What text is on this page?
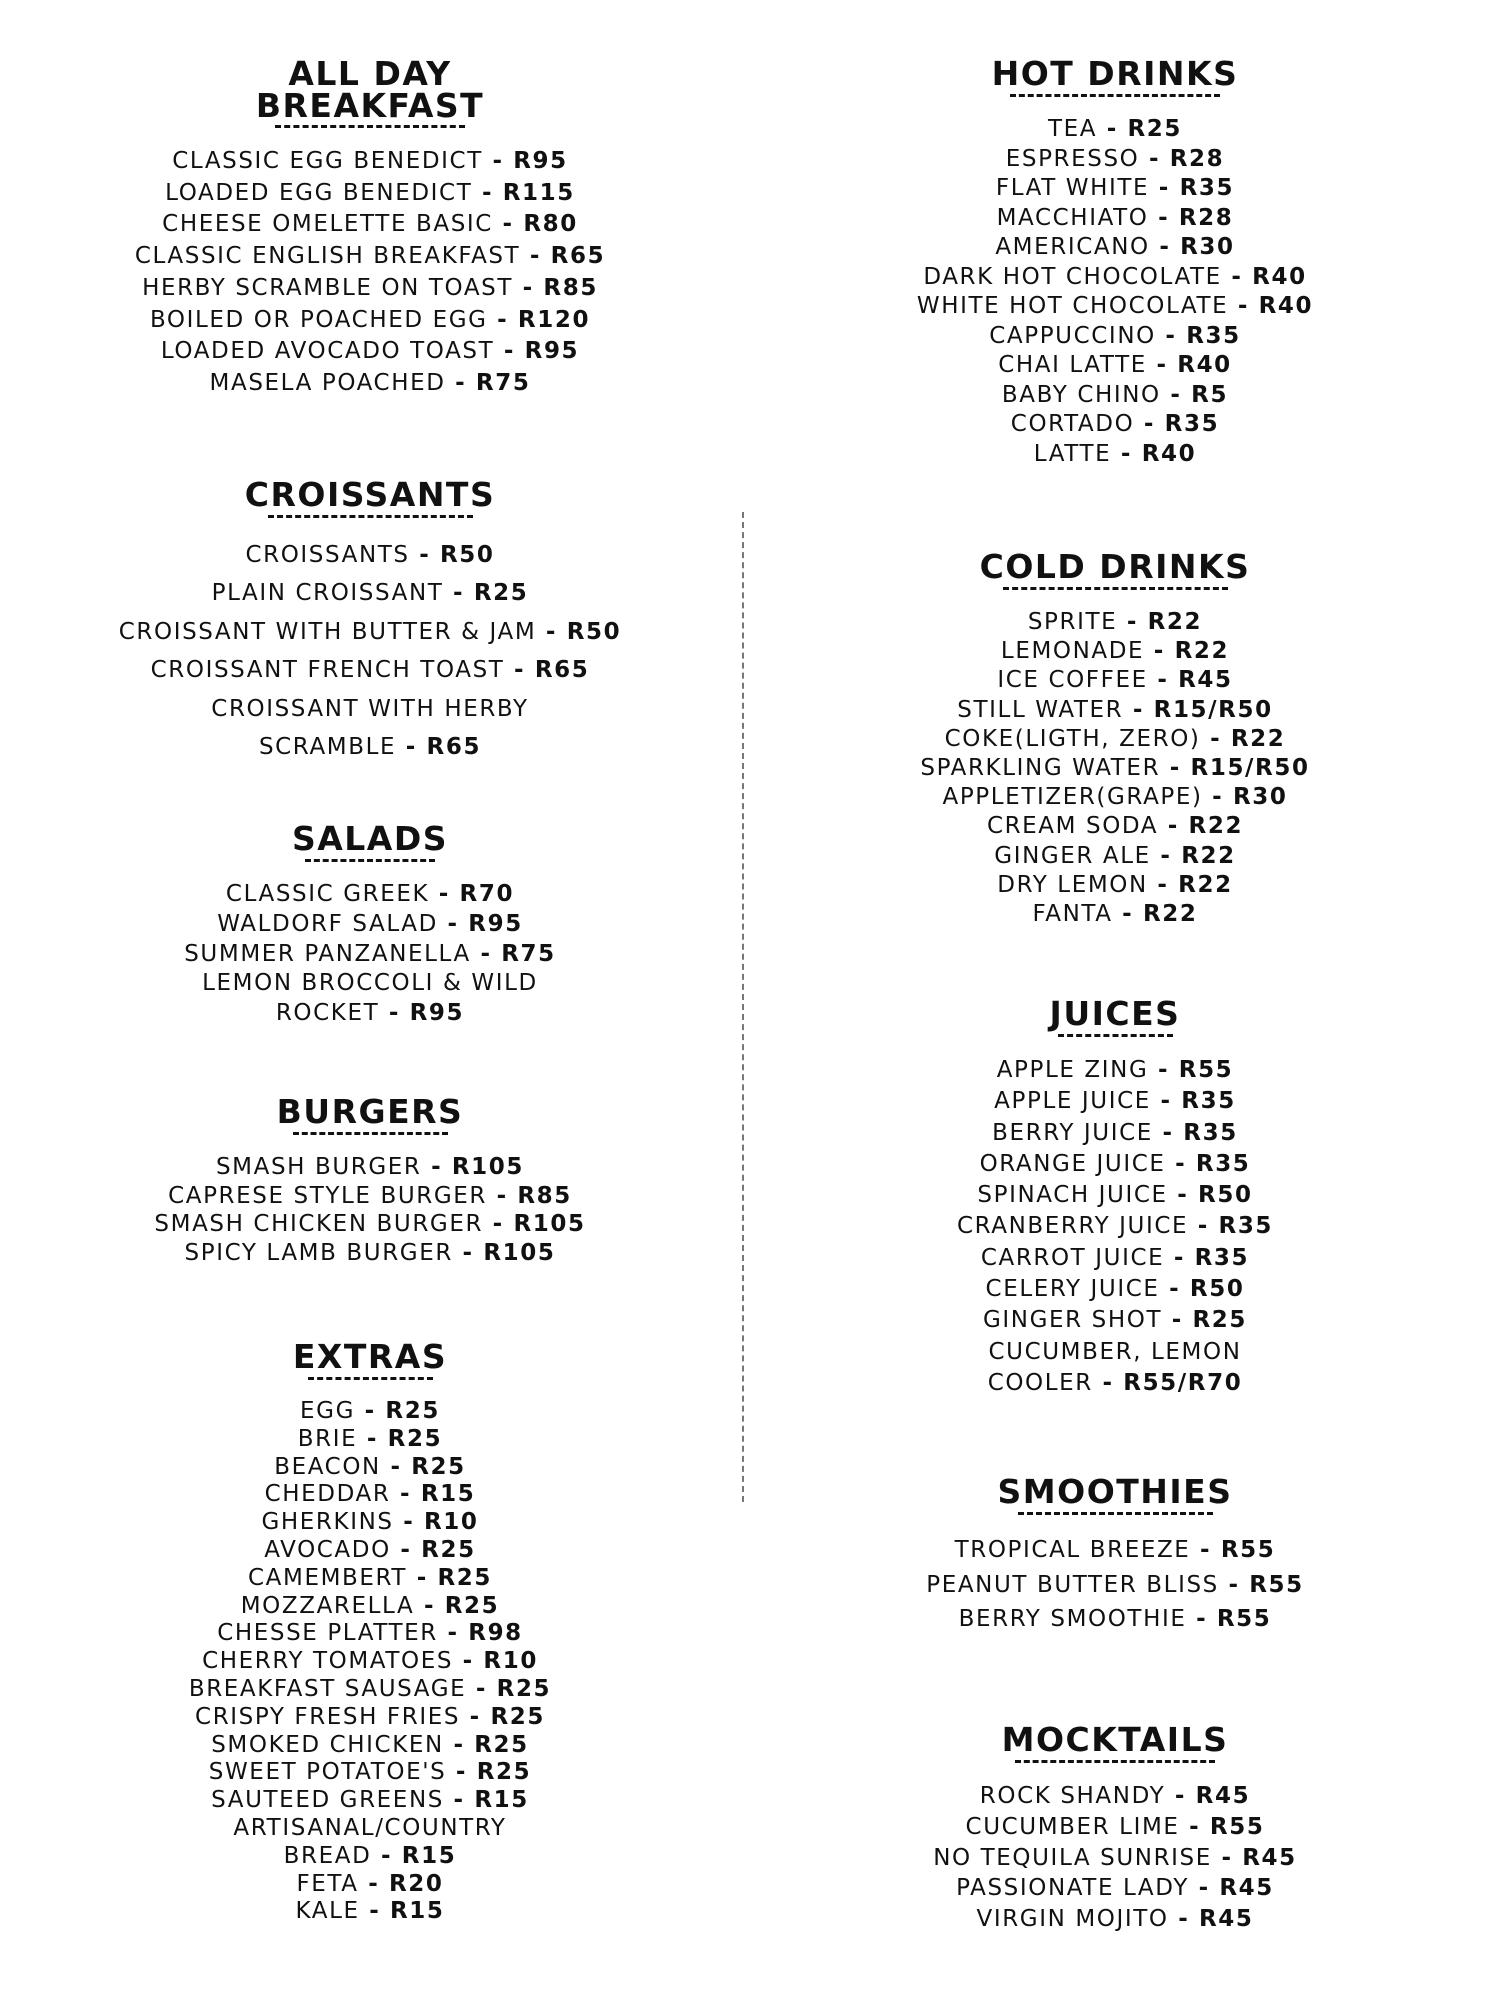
ALL DAY BREAKFAST
CLASSIC EGG BENEDICT - R95
LOADED EGG BENEDICT - R115
CHEESE OMELETTE BASIC - R80
CLASSIC ENGLISH BREAKFAST - R65
HERBY SCRAMBLE ON TOAST - R85
BOILED OR POACHED EGG - R120
LOADED AVOCADO TOAST - R95
MASELA POACHED - R75
CROISSANTS
CROISSANTS - R50
PLAIN CROISSANT - R25
CROISSANT WITH BUTTER & JAM - R50
CROISSANT FRENCH TOAST - R65
CROISSANT WITH HERBY
SCRAMBLE - R65
SALADS
CLASSIC GREEK - R70
WALDORF SALAD - R95
SUMMER PANZANELLA - R75
LEMON BROCCOLI & WILD
ROCKET - R95
BURGERS
SMASH BURGER - R105
CAPRESE STYLE BURGER - R85
SMASH CHICKEN BURGER - R105
SPICY LAMB BURGER - R105
EXTRAS
EGG - R25
BRIE - R25
BEACON - R25
CHEDDAR - R15
GHERKINS - R10
AVOCADO - R25
CAMEMBERT - R25
MOZZARELLA - R25
CHESSE PLATTER - R98
CHERRY TOMATOES - R10
BREAKFAST SAUSAGE - R25
CRISPY FRESH FRIES - R25
SMOKED CHICKEN - R25
SWEET POTATOE'S - R25
SAUTEED GREENS - R15
ARTISANAL/COUNTRY
BREAD - R15
FETA - R20
KALE - R15
HOT DRINKS
TEA - R25
ESPRESSO - R28
FLAT WHITE - R35
MACCHIATO - R28
AMERICANO - R30
DARK HOT CHOCOLATE - R40
WHITE HOT CHOCOLATE - R40
CAPPUCCINO - R35
CHAI LATTE - R40
BABY CHINO - R5
CORTADO - R35
LATTE - R40
COLD DRINKS
SPRITE - R22
LEMONADE - R22
ICE COFFEE - R45
STILL WATER - R15/R50
COKE(LIGTH, ZERO) - R22
SPARKLING WATER - R15/R50
APPLETIZER(GRAPE) - R30
CREAM SODA - R22
GINGER ALE - R22
DRY LEMON - R22
FANTA - R22
JUICES
APPLE ZING - R55
APPLE JUICE - R35
BERRY JUICE - R35
ORANGE JUICE - R35
SPINACH JUICE - R50
CRANBERRY JUICE - R35
CARROT JUICE - R35
CELERY JUICE - R50
GINGER SHOT - R25
CUCUMBER, LEMON
COOLER - R55/R70
SMOOTHIES
TROPICAL BREEZE - R55
PEANUT BUTTER BLISS - R55
BERRY SMOOTHIE - R55
MOCKTAILS
ROCK SHANDY - R45
CUCUMBER LIME - R55
NO TEQUILA SUNRISE - R45
PASSIONATE LADY - R45
VIRGIN MOJITO - R45
